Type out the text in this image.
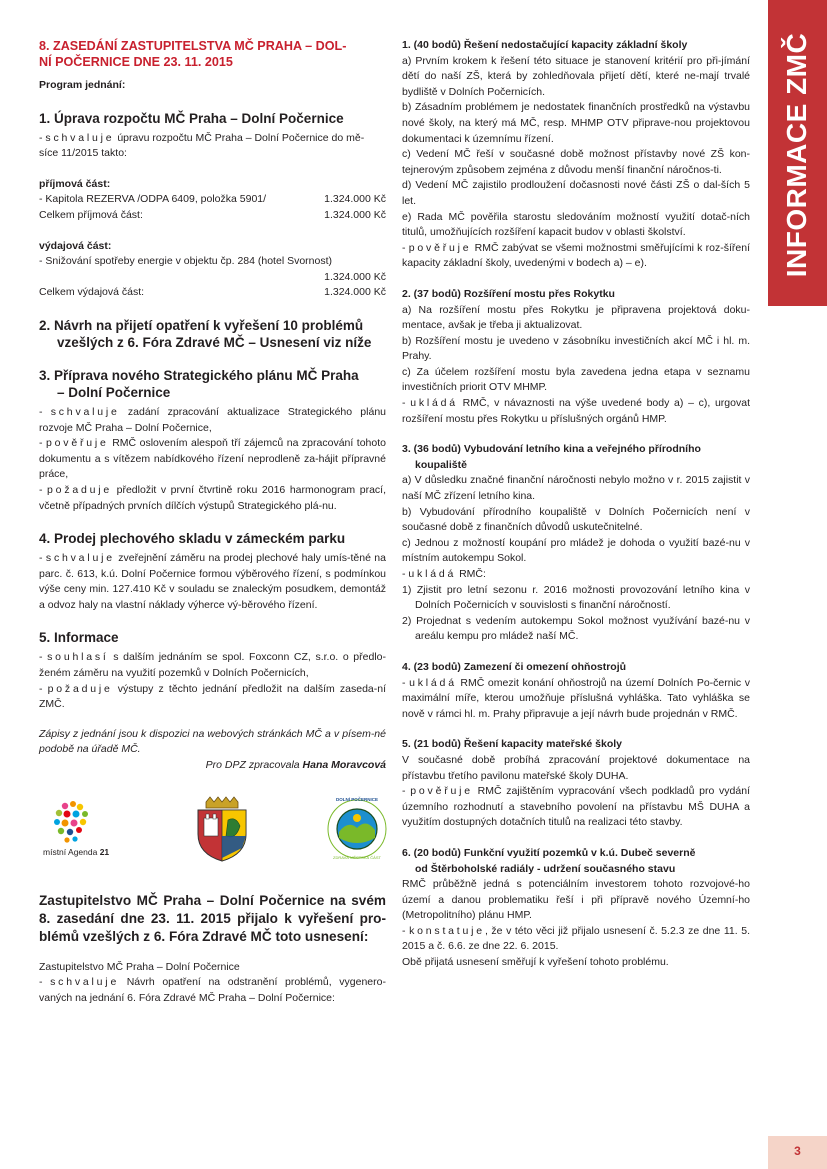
8. ZASEDÁNÍ ZASTUPITELSTVA MČ PRAHA – DOL-
NÍ POČERNICE DNE 23. 11. 2015
Program jednání:
1. Úprava rozpočtu MČ Praha – Dolní Počernice
- schvaluje úpravu rozpočtu MČ Praha – Dolní Počernice do mě-
síce 11/2015 takto:
příjmová část:
- Kapitola REZERVA /ODPA 6409, položka 5901/	1.324.000 Kč
Celkem příjmová část:	1.324.000 Kč
výdajová část:
- Snižování spotřeby energie v objektu čp. 284 (hotel Svornost)
1.324.000 Kč
Celkem výdajová část:	1.324.000 Kč
2. Návrh na přijetí opatření k vyřešení 10 problémů
vzešlých z 6. Fóra Zdravé MČ – Usnesení viz níže
3. Příprava nového Strategického plánu MČ Praha
– Dolní Počernice
- schvaluje zadání zpracování aktualizace Strategického plánu rozvoje MČ Praha – Dolní Počernice,
- pověřuje RMČ oslovením alespoň tří zájemců na zpracování tohoto dokumentu a s vítězem nabídkového řízení neprodleně za-hájit přípravné práce,
- požaduje předložit v první čtvrtině roku 2016 harmonogram prací, včetně případných prvních dílčích výstupů Strategického plá-nu.
4. Prodej plechového skladu v zámeckém parku
- schvaluje zveřejnění záměru na prodej plechové haly umís-těné na parc. č. 613, k.ú. Dolní Počernice formou výběrového řízení, s podmínkou výše ceny min. 127.410 Kč v souladu se znaleckým posudkem, demontáž a odvoz haly na vlastní náklady výherce vý-běrového řízení.
5. Informace
- souhlasí s dalším jednáním se spol. Foxconn CZ, s.r.o. o předlo-ženém záměru na využití pozemků v Dolních Počernicích,
- požaduje výstupy z těchto jednání předložit na dalším zaseda-ní ZMČ.
Zápisy z jednání jsou k dispozici na webových stránkách MČ a v písem-né podobě na úřadě MČ.
Pro DPZ zpracovala Hana Moravcová
místní Agenda 21
DOLNÍ POČERNICE
ZDRAVÁ MĚSTSKÁ ČÁST
Zastupitelstvo MČ Praha – Dolní Počernice na svém 8. zasedání dne 23. 11. 2015 přijalo k vyřešení pro-blémů vzešlých z 6. Fóra Zdravé MČ toto usnesení:
Zastupitelstvo MČ Praha – Dolní Počernice
- schvaluje Návrh opatření na odstranění problémů, vygenero-vaných na jednání 6. Fóra Zdravé MČ Praha – Dolní Počernice:
1. (40 bodů) Řešení nedostačující kapacity základní školy
a) Prvním krokem k řešení této situace je stanovení kritérií pro při-jímání dětí do naší ZŠ, která by zohledňovala přijetí dětí, které ne-mají trvalé bydliště v Dolních Počernicích.
b) Zásadním problémem je nedostatek finančních prostředků na výstavbu nové školy, na který má MČ, resp. MHMP OTV připrave-nou projektovou dokumentaci k územnímu řízení.
c) Vedení MČ řeší v současné době možnost přístavby nové ZŠ kon-tejnerovým způsobem zejména z důvodu menší finanční náročnos-ti.
d) Vedení MČ zajistilo prodloužení dočasnosti nové části ZŠ o dal-ších 5 let.
e) Rada MČ pověřila starostu sledováním možností využití dotač-ních titulů, umožňujících rozšíření kapacit budov v oblasti školství.
- pověřuje RMČ zabývat se všemi možnostmi směřujícími k roz-šíření kapacity základní školy, uvedenými v bodech a) – e).
2. (37 bodů) Rozšíření mostu přes Rokytku
a) Na rozšíření mostu přes Rokytku je připravena projektová doku-mentace, avšak je třeba ji aktualizovat.
b) Rozšíření mostu je uvedeno v zásobníku investičních akcí MČ i hl. m. Prahy.
c) Za účelem rozšíření mostu byla zavedena jedna etapa v seznamu investičních priorit OTV MHMP.
- ukládá RMČ, v návaznosti na výše uvedené body a) – c), urgovat rozšíření mostu přes Rokytku u příslušných orgánů HMP.
3. (36 bodů) Vybudování letního kina a veřejného přírodního
koupaliště
a) V důsledku značné finanční náročnosti nebylo možno v r. 2015 zajistit v naší MČ zřízení letního kina.
b) Vybudování přírodního koupaliště v Dolních Počernicích není v současné době z finančních důvodů uskutečnitelné.
c) Jednou z možností koupání pro mládež je dohoda o využití bazé-nu v místním autokempu Sokol.
- ukládá RMČ:
1) Zjistit pro letní sezonu r. 2016 možnosti provozování letního kina v Dolních Počernicích v souvislosti s finanční náročností.
2) Projednat s vedením autokempu Sokol možnost využívání bazé-nu v areálu kempu pro mládež naší MČ.
4. (23 bodů) Zamezení či omezení ohňostrojů
- ukládá RMČ omezit konání ohňostrojů na území Dolních Po-černic v maximální míře, kterou umožňuje příslušná vyhláška. Tato vyhláška se nově v rámci hl. m. Prahy připravuje a její návrh bude projednán v RMČ.
5. (21 bodů) Řešení kapacity mateřské školy
V současné době probíhá zpracování projektové dokumentace na přístavbu třetího pavilonu mateřské školy DUHA.
- pověřuje RMČ zajištěním vypracování všech podkladů pro vydání územního rozhodnutí a stavebního povolení na přístavbu MŠ DUHA a využitím dostupných dotačních titulů na realizaci této stavby.
6. (20 bodů) Funkční využití pozemků v k.ú. Dubeč severně
od Štěrboholské radiály - udržení současného stavu
RMČ průběžně jedná s potenciálním investorem tohoto rozvojové-ho území a danou problematiku řeší i při přípravě nového Územní-ho (Metropolitního) plánu HMP.
- konstatuje, že v této věci již přijalo usnesení č. 5.2.3 ze dne 11. 5. 2015 a č. 6.6. ze dne 22. 6. 2015.
Obě přijatá usnesení směřují k vyřešení tohoto problému.
INFORMACE ZMČ
3
